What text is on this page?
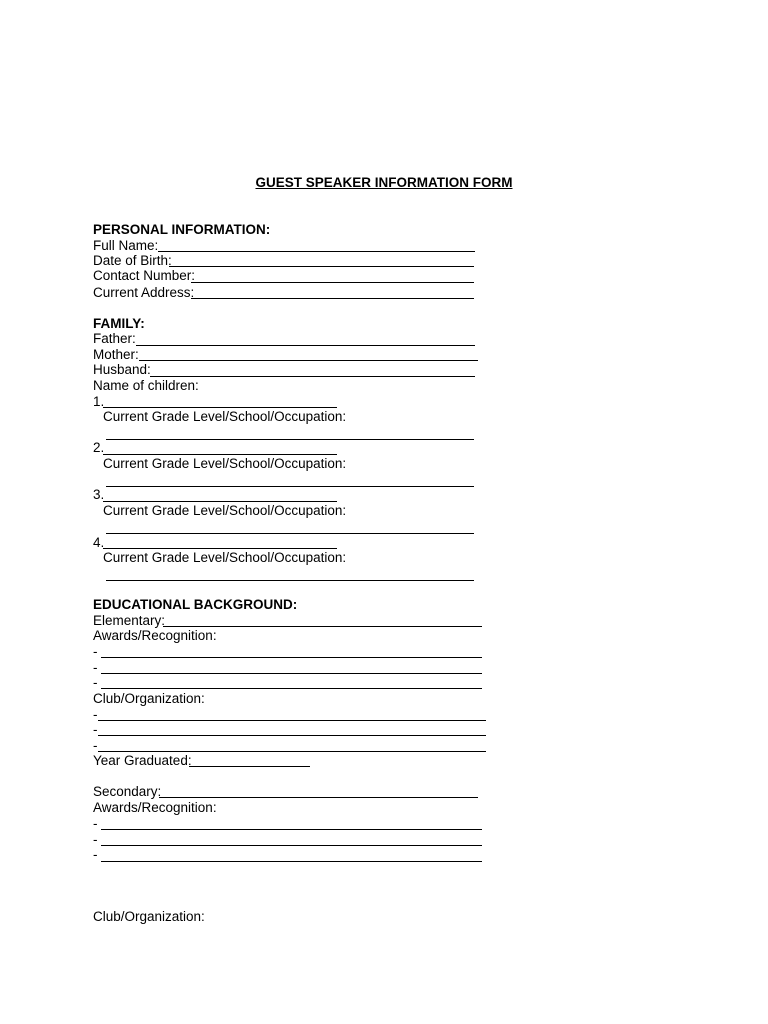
GUEST SPEAKER INFORMATION FORM
PERSONAL INFORMATION:
Full Name:
Date of Birth:
Contact Number:
Current Address:
FAMILY:
Father:
Mother:
Husband:
Name of children:
1.
Current Grade Level/School/Occupation:
2.
Current Grade Level/School/Occupation:
3.
Current Grade Level/School/Occupation:
4.
Current Grade Level/School/Occupation:
EDUCATIONAL BACKGROUND:
Elementary:
Awards/Recognition:
-
-
-
Club/Organization:
-
-
-
Year Graduated:
Secondary:
Awards/Recognition:
-
-
-
Club/Organization:
